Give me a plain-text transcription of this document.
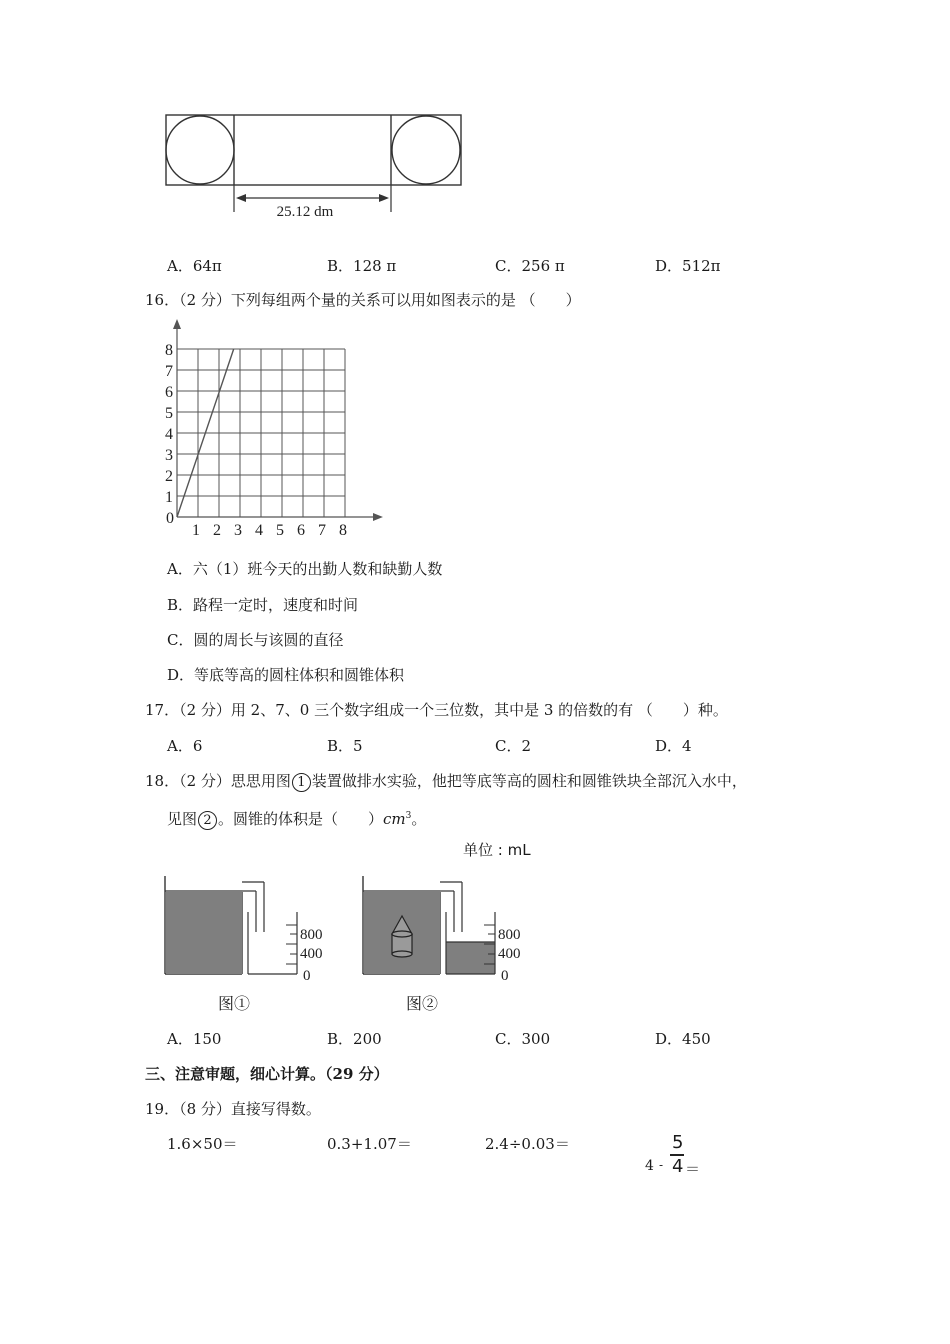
25.12 dm
A．64π	B．128 π	C．256 π	D．512π
16．（2 分）下列每组两个量的关系可以用如图表示的是 （　　）
1 2 3 4 5 6 7 8
1
2
3
4
5
6
7
8
0
A．六（1）班今天的出勤人数和缺勤人数
B．路程一定时，速度和时间
C．圆的周长与该圆的直径
D．等底等高的圆柱体积和圆锥体积
17．（2 分）用 2、7、0 三个数字组成一个三位数，其中是 3 的倍数的有 （　　）种。
A．6	B．5	C．2	D．4
18．（2 分）思思用图 1 装置做排水实验，他把等底等高的圆柱和圆锥铁块全部沉入水中，
见图 2 。圆锥的体积是（　　）$cm^3$。
单位 : mL
800
400
0
图①
800
400
0
图②
A．150	B．200	C．300	D．450
三、注意审题，细心计算。（29 分）
19．（8 分）直接写得数。
1.6×50＝	0.3+1.07＝	2.4÷0.03＝
4 -
5
4 ＝
